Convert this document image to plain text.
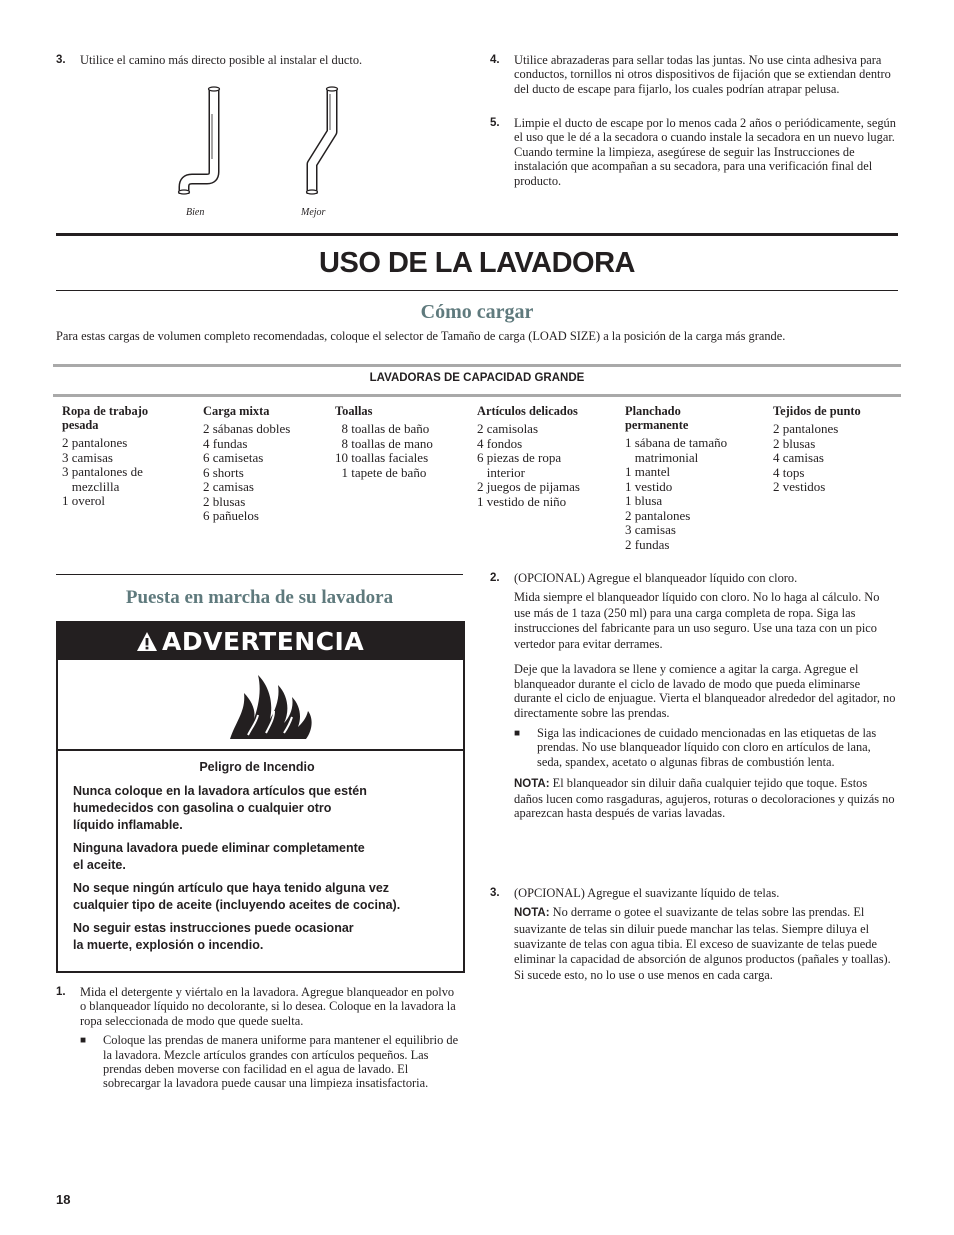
3. Utilice el camino más directo posible al instalar el ducto.

Bien	Mejor
4. Utilice abrazaderas para sellar todas las juntas. No use cinta adhesiva para conductos, tornillos ni otros dispositivos de fijación que se extiendan dentro del ducto de escape para fijarlo, los cuales podrían atrapar pelusa.

5. Limpie el ducto de escape por lo menos cada 2 años o periódicamente, según el uso que le dé a la secadora o cuando instale la secadora en un nuevo lugar. Cuando termine la limpieza, asegúrese de seguir las Instrucciones de instalación que acompañan a su secadora, para una verificación final del producto.

USO DE LA LAVADORA
Cómo cargar

Para estas cargas de volumen completo recomendadas, coloque el selector de Tamaño de carga (LOAD SIZE) a la posición de la carga más grande.

LAVADORAS DE CAPACIDAD GRANDE
Ropa de trabajo
pesada
2 pantalones
3 camisas
3 pantalones de
mezclilla
1 overol
Carga mixta
2 sábanas dobles
4 fundas
6 camisetas
6 shorts
2 camisas
2 blusas
6 pañuelos
Toallas
8 toallas de baño
8 toallas de mano
10 toallas faciales
1 tapete de baño
Artículos delicados
2 camisolas
4 fondos
6 piezas de ropa
interior
2 juegos de pijamas
1 vestido de niño
Planchado
permanente
1 sábana de tamaño
matrimonial
1 mantel
1 vestido
1 blusa
2 pantalones
3 camisas
2 fundas
Tejidos de punto
2 pantalones
2 blusas
4 camisas
4 tops
2 vestidos
Puesta en marcha de su lavadora
ADVERTENCIA

Peligro de Incendio

Nunca coloque en la lavadora artículos que estén
humedecidos con gasolina o cualquier otro
líquido inflamable.

Ninguna lavadora puede eliminar completamente
el aceite.

No seque ningún artículo que haya tenido alguna vez
cualquier tipo de aceite (incluyendo aceites de cocina).

No seguir estas instrucciones puede ocasionar
la muerte, explosión o incendio.

1. Mida el detergente y viértalo en la lavadora. Agregue blanqueador en polvo o blanqueador líquido no decolorante, si lo desea. Coloque en la lavadora la ropa seleccionada de modo que quede suelta.

■ Coloque las prendas de manera uniforme para mantener el equilibrio de la lavadora. Mezcle artículos grandes con artículos pequeños. Las prendas deben moverse con facilidad en el agua de lavado. El sobrecargar la lavadora puede causar una limpieza insatisfactoria.

2. (OPCIONAL) Agregue el blanqueador líquido con cloro.

Mida siempre el blanqueador líquido con cloro. No lo haga al cálculo. No use más de 1 taza (250 ml) para una carga completa de ropa. Siga las instrucciones del fabricante para un uso seguro. Use una taza con un pico vertedor para evitar derrames.

Deje que la lavadora se llene y comience a agitar la carga. Agregue el blanqueador durante el ciclo de lavado de modo que pueda eliminarse durante el ciclo de enjuague. Vierta el blanqueador alrededor del agitador, no directamente sobre las prendas.

■ Siga las indicaciones de cuidado mencionadas en las etiquetas de las prendas. No use blanqueador líquido con cloro en artículos de lana, seda, spandex, acetato o algunas fibras de combustión lenta.

NOTA: El blanqueador sin diluir daña cualquier tejido que toque. Estos daños lucen como rasgaduras, agujeros, roturas o decoloraciones y quizás no aparezcan hasta después de varias lavadas.

3. (OPCIONAL) Agregue el suavizante líquido de telas.

NOTA: No derrame o gotee el suavizante de telas sobre las prendas. El suavizante de telas sin diluir puede manchar las telas. Siempre diluya el suavizante de telas con agua tibia. El exceso de suavizante de telas puede eliminar la capacidad de absorción de algunos productos (pañales y toallas). Si sucede esto, no lo use o use menos en cada carga.

18
